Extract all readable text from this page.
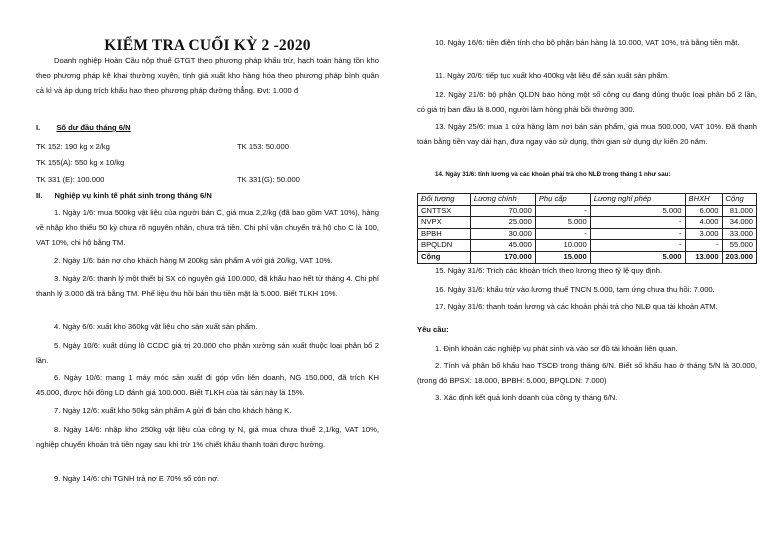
KIỂM TRA CUỐI KỲ 2 -2020

Doanh nghiệp Hoàn Cầu nộp thuế GTGT theo phương pháp khấu trừ, hạch toán hàng tồn kho theo phương pháp kê khai thường xuyên, tính giá xuất kho hàng hóa theo phương pháp bình quân cả kì và áp dụng trích khấu hao theo phương pháp đường thẳng. Đvt: 1.000 đ

I. Số dư đầu tháng 6/N

TK 152: 190 kg x 2/kg	TK 153: 50.000

TK 155(A): 550 kg x 10/kg

TK 331 (E): 100.000	TK 331(G): 50.000

II. Nghiệp vụ kinh tế phát sinh trong tháng 6/N

1. Ngày 1/6: mua 500kg vật liệu của người bán C, giá mua 2,2/kg (đã bao gồm VAT 10%), hàng về nhập kho thiếu 50 kỳ chưa rõ nguyên nhân, chưa trả tiền. Chi phí vận chuyển trả hộ cho C là 100, VAT 10%, chi hộ bằng TM.

2. Ngày 1/6: bán nợ cho khách hàng M 200kg sản phẩm A với giá 20/kg, VAT 10%.

3. Ngày 2/6: thanh lý một thiết bị SX có nguyên giá 100.000, đã khấu hao hết từ tháng 4. Chi phí thanh lý 3.000 đã trả bằng TM. Phế liệu thu hồi bán thu tiền mặt là 5.000. Biết TLKH 10%.

4. Ngày 6/6: xuất kho 360kg vật liệu cho sản xuất sản phẩm.

5. Ngày 10/6: xuất dùng lô CCDC giá trị 20.000 cho phân xưởng sản xuất thuộc loại phân bổ 2 lần.

6. Ngày 10/6: mang 1 máy móc sản xuất đi góp vốn liên doanh, NG 150.000, đã trích KH 45.000, được hội đồng LD đánh giá 100.000. Biết TLKH của tài sản này là 15%.

7. Ngày 12/6: xuất kho 50kg sản phẩm A gửi đi bán cho khách hàng K.

8. Ngày 14/6: nhập kho 250kg vật liệu của công ty N, giá mua chưa thuế 2,1/kg, VAT 10%, nghiệp chuyển khoản trả tiền ngay sau khi trừ 1% chiết khấu thanh toán được hưởng.

9. Ngày 14/6: chi TGNH trả nợ E 70% số còn nợ.

10. Ngày 16/6: tiền điện tính cho bộ phận bán hàng là 10.000, VAT 10%, trả bằng tiền mặt.

11. Ngày 20/6: tiếp tục xuất kho 400kg vật liệu để sản xuất sản phẩm.

12. Ngày 21/6: bộ phận QLDN báo hỏng một số công cụ đang dùng thuộc loại phân bổ 2 lần, có giá trị ban đầu là 8.000, người làm hỏng phải bồi thường 300.

13. Ngày 25/6: mua 1 cửa hàng làm nơi bán sản phẩm, giá mua 500.000, VAT 10%. Đã thanh toán bằng tiền vay dài hạn, đưa ngay vào sử dụng, thời gian sử dụng dự kiến 20 năm.

14. Ngày 31/6: tính lương và các khoản phải trả cho NLĐ trong tháng 1 như sau:

Đối tượng	Lương chính	Phụ cấp	Lương nghỉ phép	BHXH	Cộng
CNTTSX	70.000	-	5.000	6.000	81.000
NVPX	25.000	5.000	-	4.000	34.000
BPBH	30.000	-	-	3.000	33.000
BPQLDN	45.000	10.000	-	-	55.000
Cộng	170.000	15.000	5.000	13.000	203.000

15. Ngày 31/6: Trích các khoản trích theo lương theo tỷ lệ quy định.

16. Ngày 31/6: khấu trừ vào lương thuế TNCN 5.000, tạm ứng chưa thu hồi: 7.000.

17. Ngày 31/6: thanh toán lương và các khoản phải trả cho NLĐ qua tài khoản ATM.

Yêu cầu:

1. Định khoản các nghiệp vụ phát sinh và vào sơ đồ tài khoản liên quan.

2. Tính và phân bổ khấu hao TSCĐ trong tháng 6/N. Biết số khấu hao ở tháng 5/N là 30.000, (trong đó BPSX: 18.000, BPBH: 5.000, BPQLDN: 7.000)

3. Xác định kết quả kinh doanh của công ty tháng 6/N.
